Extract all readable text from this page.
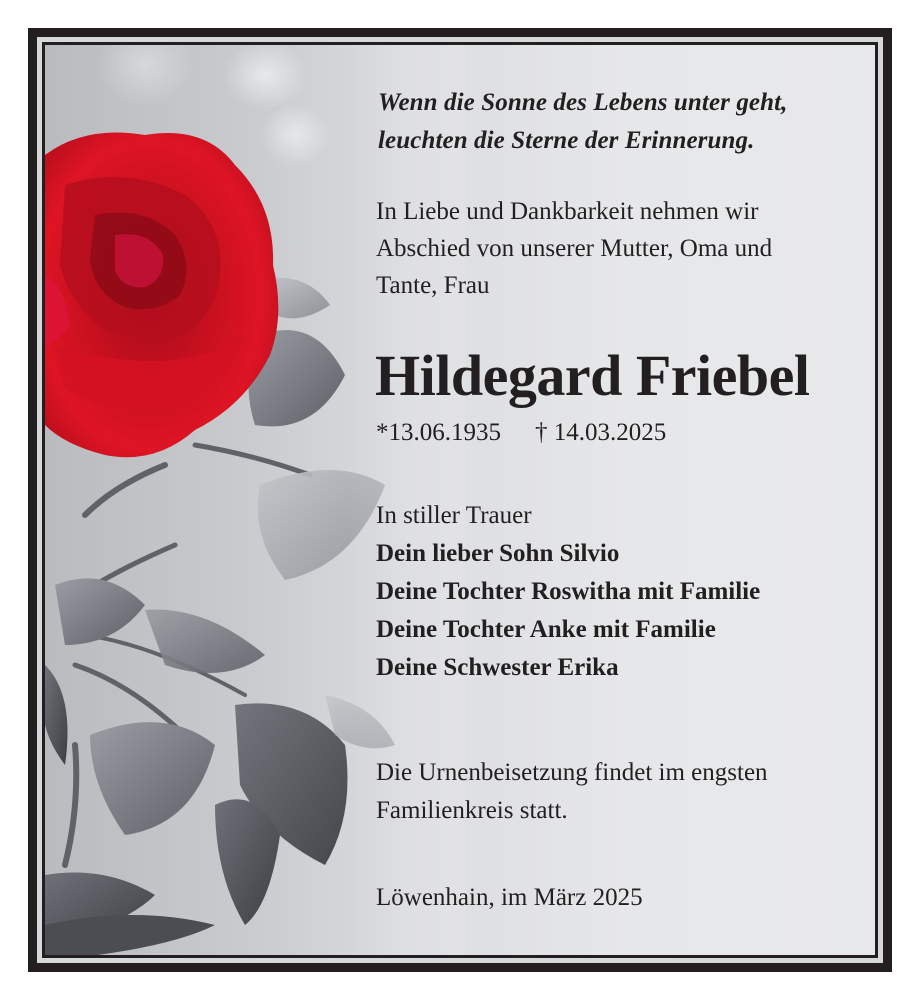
Wenn die Sonne des Lebens unter geht,
leuchten die Sterne der Erinnerung.
In Liebe und Dankbarkeit nehmen wir
Abschied von unserer Mutter, Oma und
Tante, Frau
Hildegard Friebel
*13.06.1935 † 14.03.2025
In stiller Trauer
Dein lieber Sohn Silvio
Deine Tochter Roswitha mit Familie
Deine Tochter Anke mit Familie
Deine Schwester Erika
Die Urnenbeisetzung findet im engsten
Familienkreis statt.
Löwenhain, im März 2025
